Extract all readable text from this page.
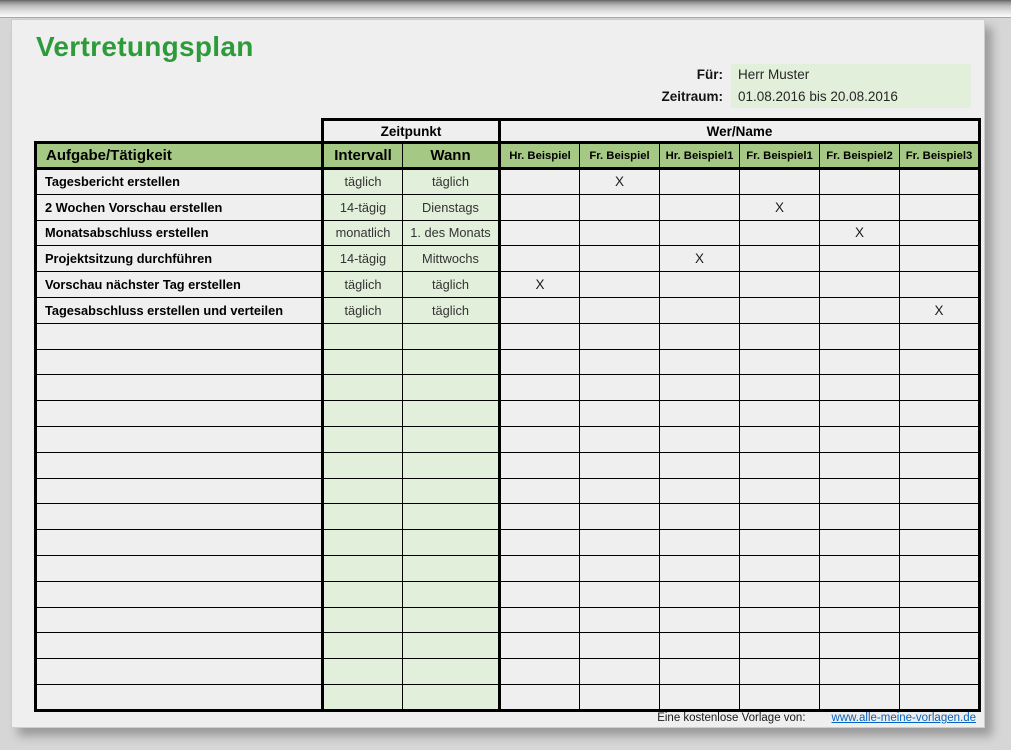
Vertretungsplan
Für:	Herr Muster
Zeitraum:	01.08.2016 bis 20.08.2016
	Zeitpunkt		Wer/Name					
Aufgabe/Tätigkeit	Intervall	Wann	Hr. Beispiel	Fr. Beispiel	Hr. Beispiel1	Fr. Beispiel1	Fr. Beispiel2	Fr. Beispiel3
Tagesbericht erstellen	täglich	täglich		X				
2 Wochen Vorschau erstellen	14-tägig	Dienstags				X		
Monatsabschluss erstellen	monatlich	1. des Monats					X	
Projektsitzung durchführen	14-tägig	Mittwochs			X			
Vorschau nächster Tag erstellen	täglich	täglich	X					
Tagesabschluss erstellen und verteilen	täglich	täglich						X

Eine kostenlose Vorlage von: www.alle-meine-vorlagen.de
